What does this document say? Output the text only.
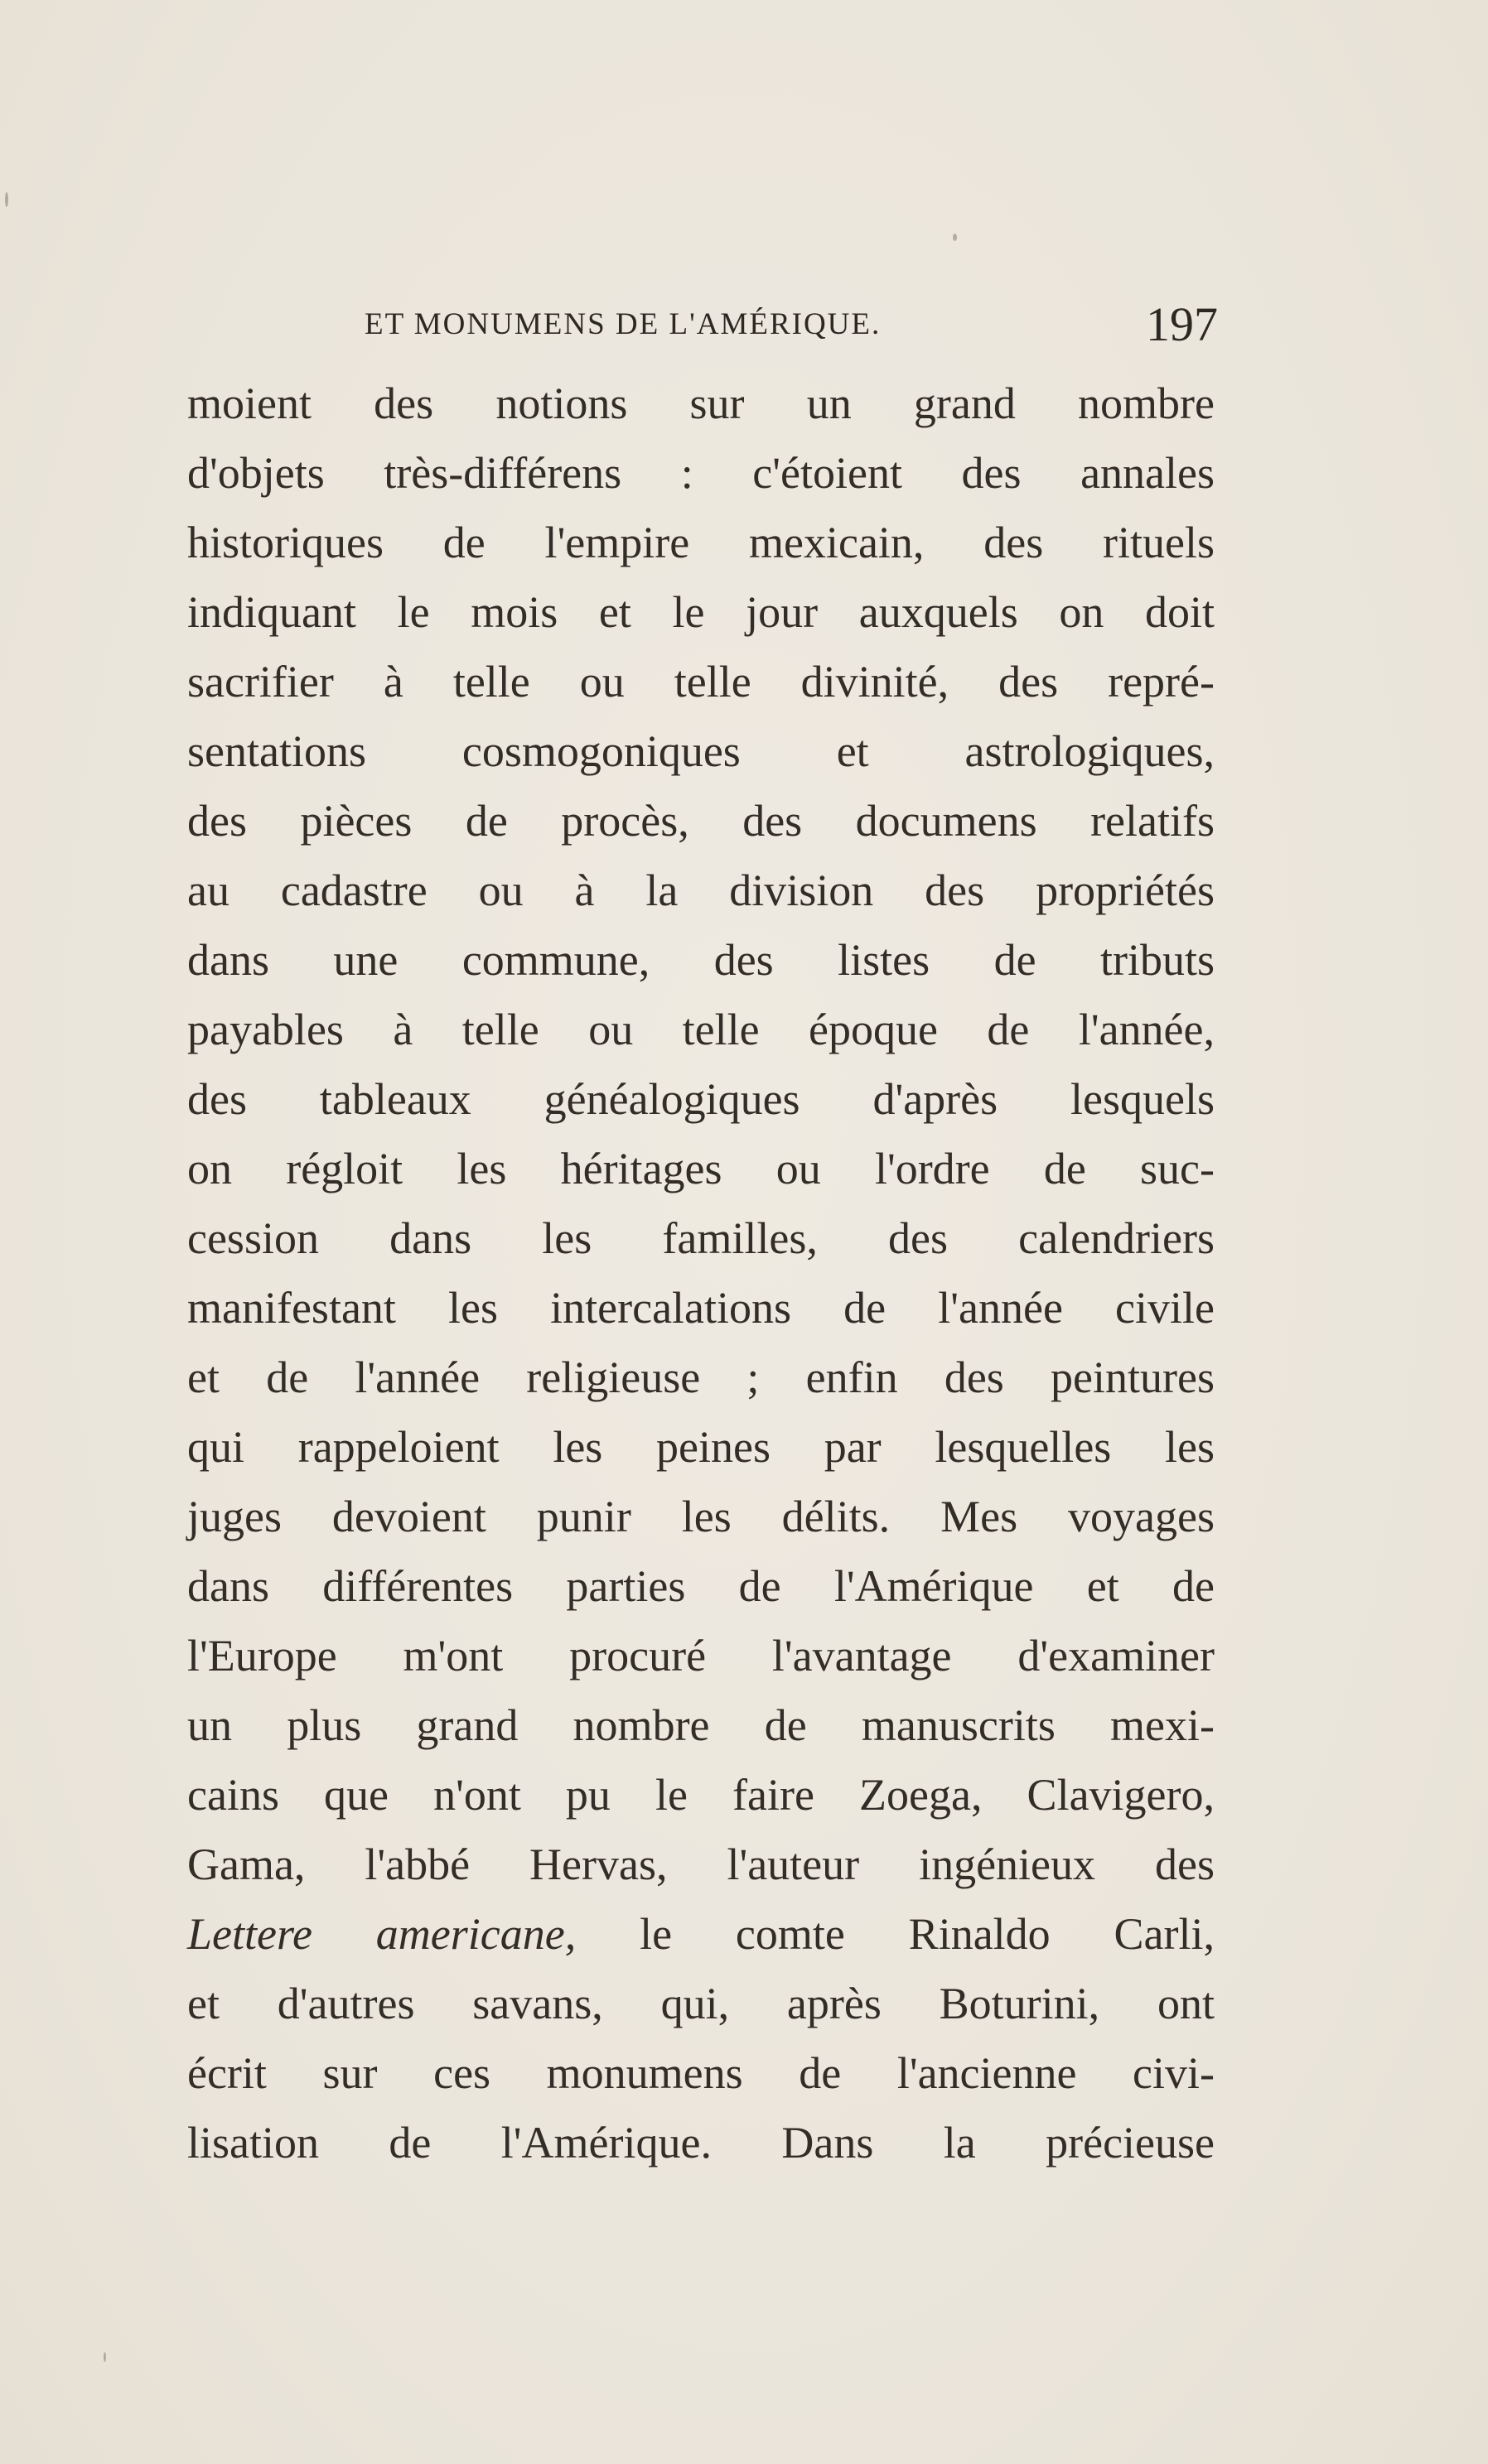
ET MONUMENS DE L'AMÉRIQUE.	197
moient des notions sur un grand nombre
d'objets très-différens : c'étoient des annales
historiques de l'empire mexicain, des rituels
indiquant le mois et le jour auxquels on doit
sacrifier à telle ou telle divinité, des repré-
sentations cosmogoniques et astrologiques,
des pièces de procès, des documens relatifs
au cadastre ou à la division des propriétés
dans une commune, des listes de tributs
payables à telle ou telle époque de l'année,
des tableaux généalogiques d'après lesquels
on régloit les héritages ou l'ordre de suc-
cession dans les familles, des calendriers
manifestant les intercalations de l'année civile
et de l'année religieuse ; enfin des peintures
qui rappeloient les peines par lesquelles les
juges devoient punir les délits. Mes voyages
dans différentes parties de l'Amérique et de
l'Europe m'ont procuré l'avantage d'examiner
un plus grand nombre de manuscrits mexi-
cains que n'ont pu le faire Zoega, Clavigero,
Gama, l'abbé Hervas, l'auteur ingénieux des
Lettere americane, le comte Rinaldo Carli,
et d'autres savans, qui, après Boturini, ont
écrit sur ces monumens de l'ancienne civi-
lisation de l'Amérique. Dans la précieuse
